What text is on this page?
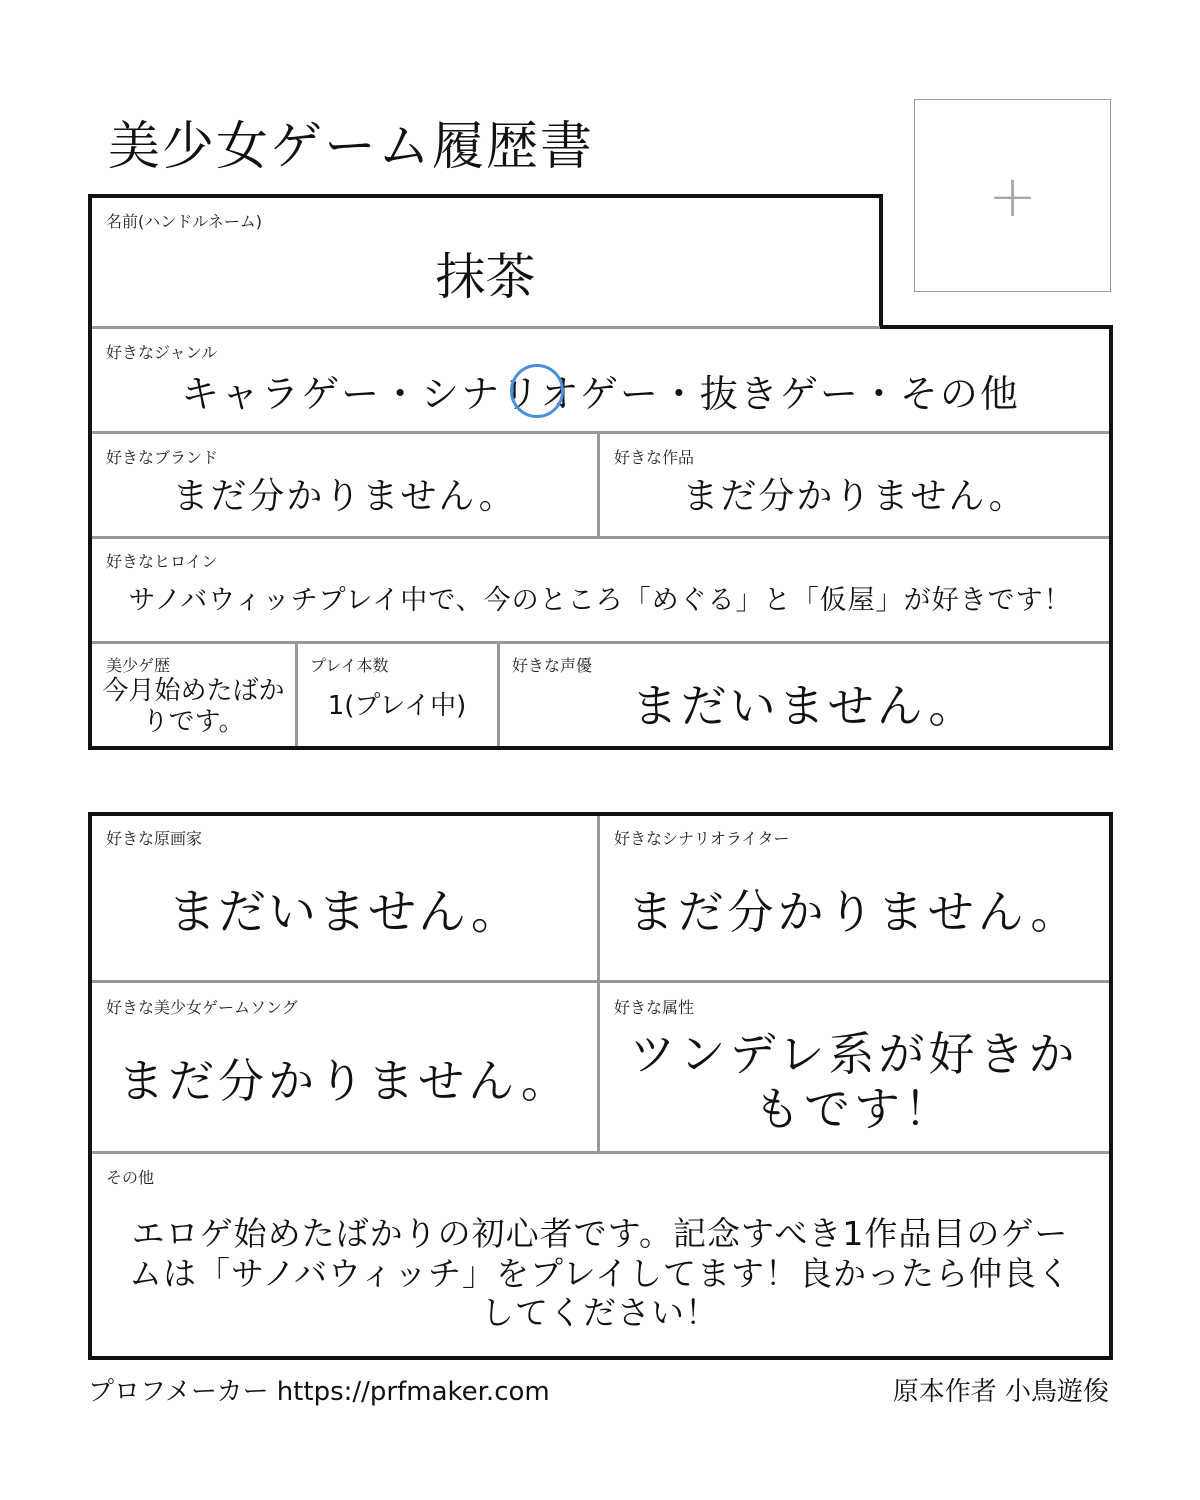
美少女ゲーム履歴書
+
名前(ハンドルネーム)
抹茶
好きなジャンル
キャラゲー・シナリオゲー・抜きゲー・その他
好きなブランド
まだ分かりません。
好きな作品
まだ分かりません。
好きなヒロイン
サノバウィッチプレイ中で、今のところ「めぐる」と「仮屋」が好きです！
美少ゲ歴
今月始めたばかりです。
プレイ本数
1(プレイ中)
好きな声優
まだいません。
好きな原画家
まだいません。
好きなシナリオライター
まだ分かりません。
好きな美少女ゲームソング
まだ分かりません。
好きな属性
ツンデレ系が好きかもです！
その他
エロゲ始めたばかりの初心者です。記念すべき1作品目のゲームは「サノバウィッチ」をプレイしてます！良かったら仲良くしてください！
プロフメーカー https://prfmaker.com	原本作者 小鳥遊俊
